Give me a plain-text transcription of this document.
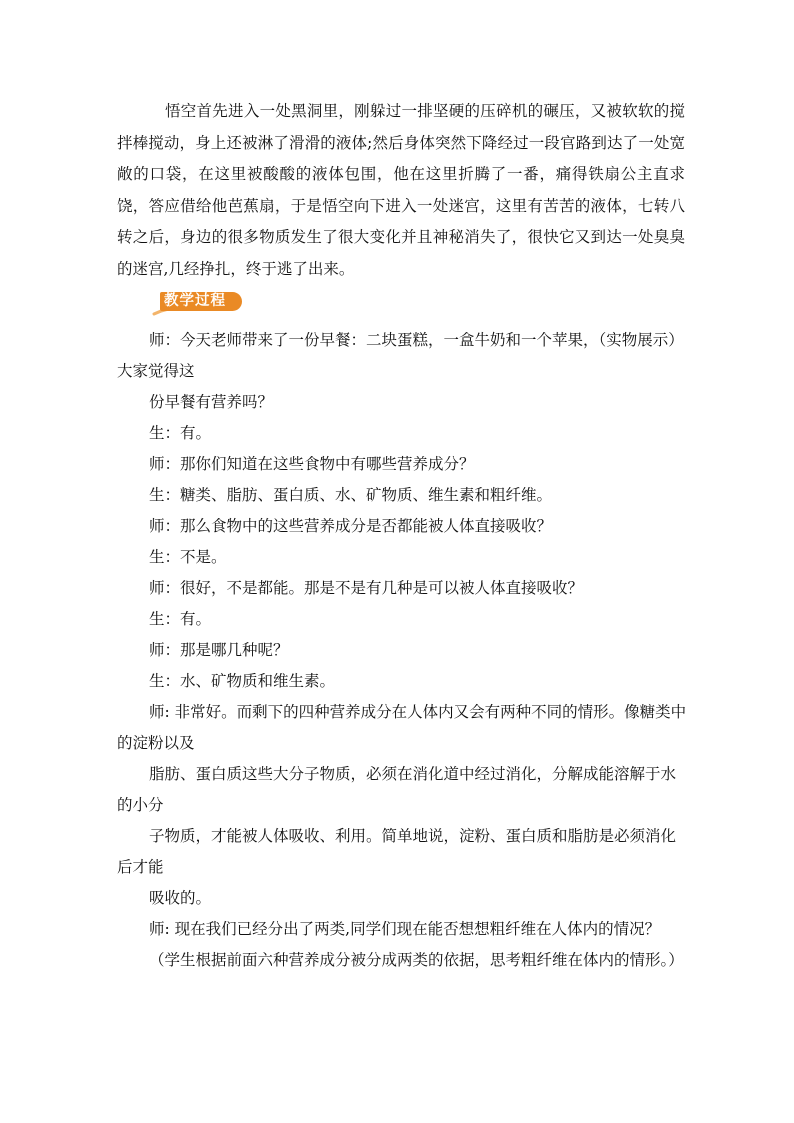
悟空首先进入一处黑洞里，刚躲过一排坚硬的压碎机的碾压，又被软软的搅拌棒搅动，身上还被淋了滑滑的液体;然后身体突然下降经过一段官路到达了一处宽敞的口袋，在这里被酸酸的液体包围，他在这里折腾了一番，痛得铁扇公主直求饶，答应借给他芭蕉扇，于是悟空向下进入一处迷宫，这里有苦苦的液体，七转八转之后，身边的很多物质发生了很大变化并且神秘消失了，很快它又到达一处臭臭的迷宫,几经挣扎，终于逃了出来。

教学过程

师：今天老师带来了一份早餐：二块蛋糕，一盒牛奶和一个苹果，（实物展示）大家觉得这

份早餐有营养吗？

生：有。

师：那你们知道在这些食物中有哪些营养成分？

生：糖类、脂肪、蛋白质、水、矿物质、维生素和粗纤维。

师：那么食物中的这些营养成分是否都能被人体直接吸收？

生：不是。

师：很好，不是都能。那是不是有几种是可以被人体直接吸收？

生：有。

师：那是哪几种呢？

生：水、矿物质和维生素。

师: 非常好。而剩下的四种营养成分在人体内又会有两种不同的情形。像糖类中的淀粉以及

脂肪、蛋白质这些大分子物质，必须在消化道中经过消化，分解成能溶解于水的小分

子物质，才能被人体吸收、利用。简单地说，淀粉、蛋白质和脂肪是必须消化后才能

吸收的。

师: 现在我们已经分出了两类,同学们现在能否想想粗纤维在人体内的情况？

（学生根据前面六种营养成分被分成两类的依据，思考粗纤维在体内的情形。）
